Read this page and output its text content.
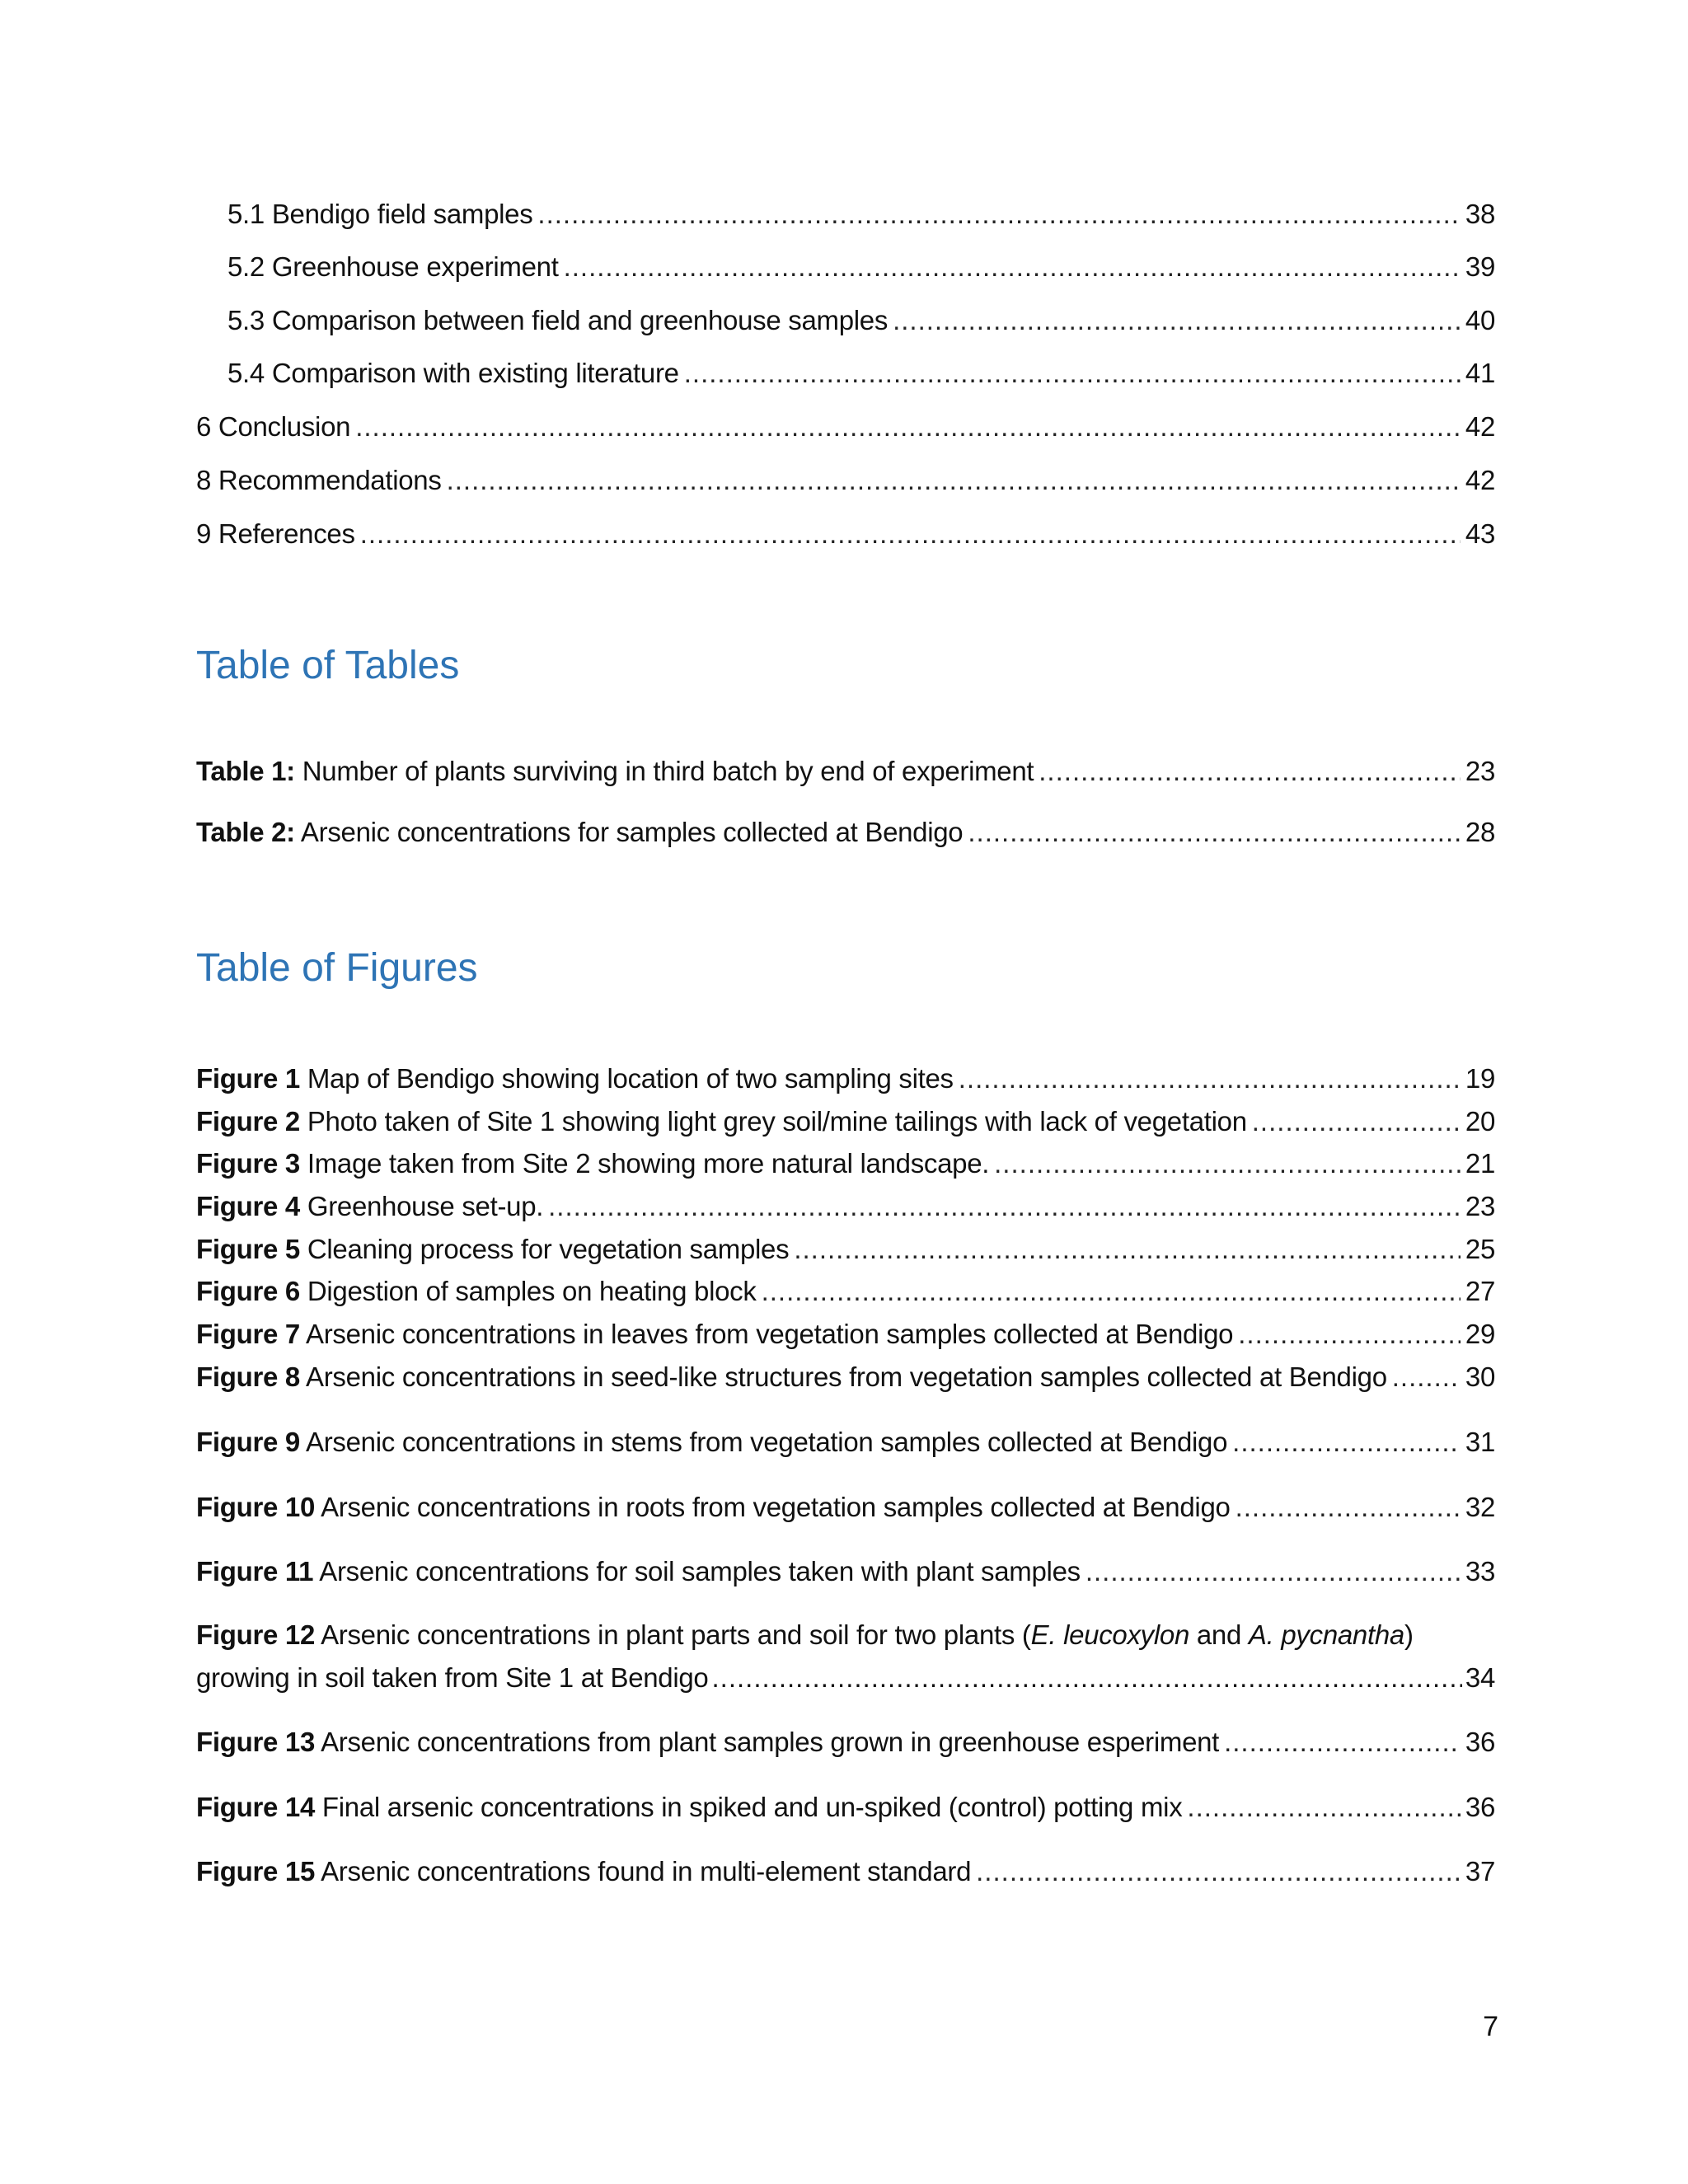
5.1 Bendigo field samples .....	38
5.2 Greenhouse experiment .....	39
5.3 Comparison between field and greenhouse samples .....	40
5.4 Comparison with existing literature .....	41
6 Conclusion .....	42
8 Recommendations .....	42
9 References .....	43
Table of Tables
Table 1: Number of plants surviving in third batch by end of experiment .....	23
Table 2: Arsenic concentrations for samples collected at Bendigo .....	28
Table of Figures
Figure 1 Map of Bendigo showing location of two sampling sites .....	19
Figure 2 Photo taken of Site 1 showing light grey soil/mine tailings with lack of vegetation .....	20
Figure 3 Image taken from Site 2 showing more natural landscape. .....	21
Figure 4 Greenhouse set-up. .....	23
Figure 5 Cleaning process for vegetation samples .....	25
Figure 6 Digestion of samples on heating block .....	27
Figure 7 Arsenic concentrations in leaves from vegetation samples collected at Bendigo .....	29
Figure 8 Arsenic concentrations in seed-like structures from vegetation samples collected at Bendigo .....	30
Figure 9 Arsenic concentrations in stems from vegetation samples collected at Bendigo .....	31
Figure 10 Arsenic concentrations in roots from vegetation samples collected at Bendigo .....	32
Figure 11 Arsenic concentrations for soil samples taken with plant samples .....	33
Figure 12 Arsenic concentrations in plant parts and soil for two plants (E. leucoxylon and A. pycnantha)
growing in soil taken from Site 1 at Bendigo .....	34
Figure 13 Arsenic concentrations from plant samples grown in greenhouse esperiment .....	36
Figure 14 Final arsenic concentrations in spiked and un-spiked (control) potting mix .....	36
Figure 15 Arsenic concentrations found in multi-element standard .....	37
7
